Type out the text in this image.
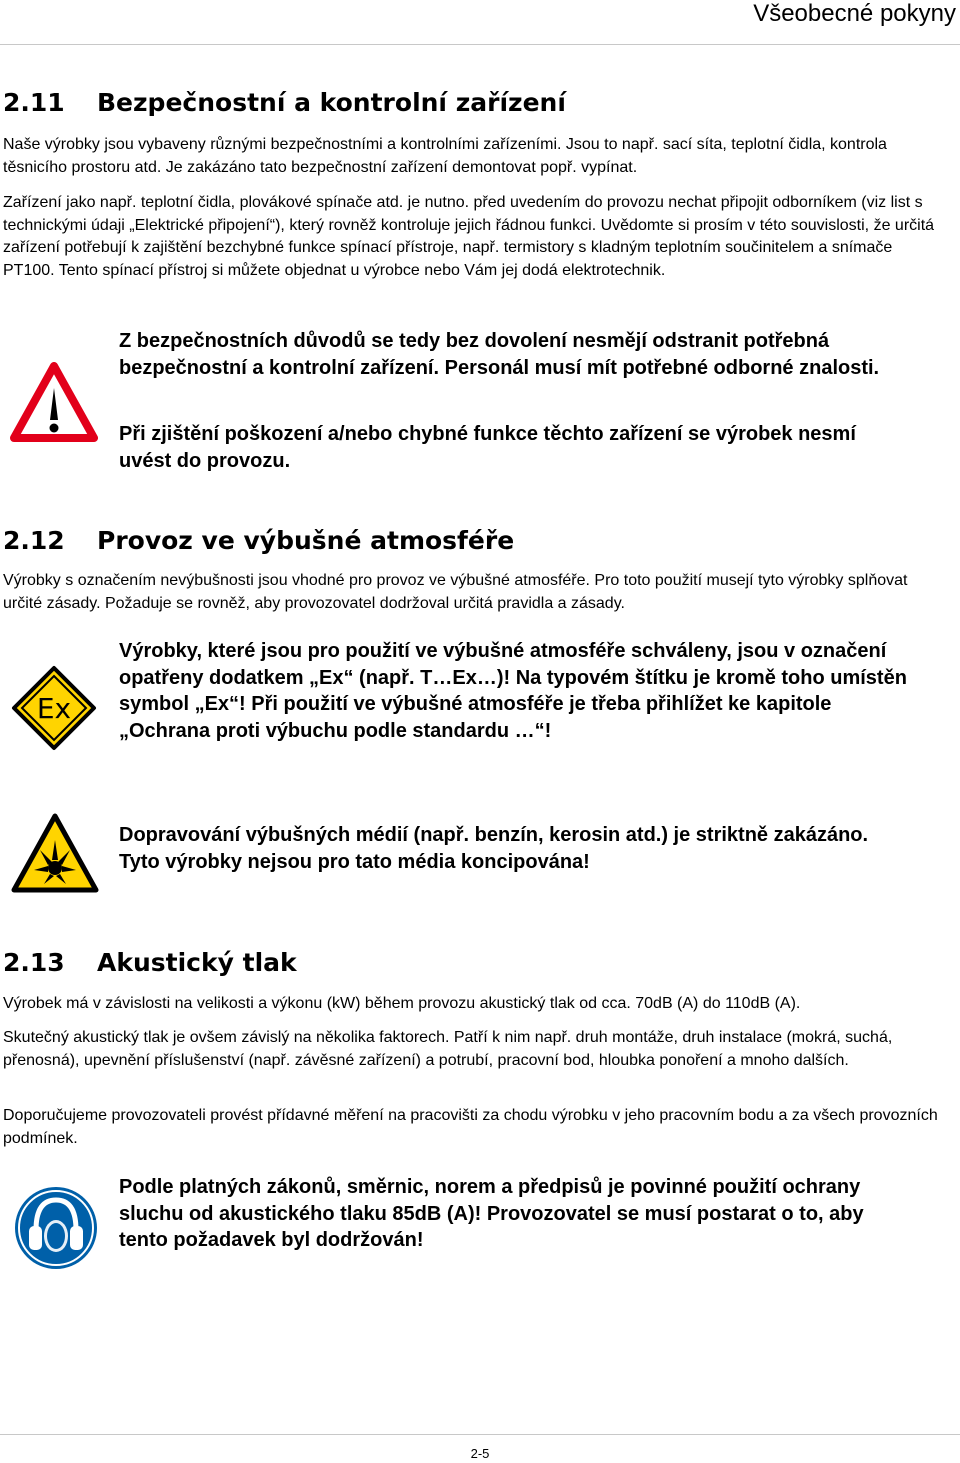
Všeobecné pokyny
2.11 Bezpečnostní a kontrolní zařízení
Naše výrobky jsou vybaveny různými bezpečnostními a kontrolními zařízeními. Jsou to např. sací síta, teplotní čidla, kontrola těsnicího prostoru atd. Je zakázáno tato bezpečnostní zařízení demontovat popř. vypínat.
Zařízení jako např. teplotní čidla, plovákové spínače atd. je nutno. před uvedením do provozu nechat připojit odborníkem (viz list s technickými údaji „Elektrické připojení“), který rovněž kontroluje jejich řádnou funkci. Uvědomte si prosím v této souvislosti, že určitá zařízení potřebují k zajištění bezchybné funkce spínací přístroje, např. termistory s kladným teplotním součinitelem a snímače PT100. Tento spínací přístroj si můžete objednat u výrobce nebo Vám jej dodá elektrotechnik.
Z bezpečnostních důvodů se tedy bez dovolení nesmějí odstranit potřebná bezpečnostní a kontrolní zařízení. Personál musí mít potřebné odborné znalosti.
Při zjištění poškození a/nebo chybné funkce těchto zařízení se výrobek nesmí uvést do provozu.
2.12 Provoz ve výbušné atmosféře
Výrobky s označením nevýbušnosti jsou vhodné pro provoz ve výbušné atmosféře. Pro toto použití musejí tyto výrobky splňovat určité zásady. Požaduje se rovněž, aby provozovatel dodržoval určitá pravidla a zásady.
Ex
Výrobky, které jsou pro použití ve výbušné atmosféře schváleny, jsou v označení opatřeny dodatkem „Ex“ (např. T…Ex…)! Na typovém štítku je kromě toho umístěn symbol „Ex“! Při použití ve výbušné atmosféře je třeba přihlížet ke kapitole „Ochrana proti výbuchu podle standardu …“!
Dopravování výbušných médií (např. benzín, kerosin atd.) je striktně zakázáno. Tyto výrobky nejsou pro tato média koncipována!
2.13 Akustický tlak
Výrobek má v závislosti na velikosti a výkonu (kW) během provozu akustický tlak od cca. 70dB (A) do 110dB (A).
Skutečný akustický tlak je ovšem závislý na několika faktorech. Patří k nim např. druh montáže, druh instalace (mokrá, suchá, přenosná), upevnění příslušenství (např. závěsné zařízení) a potrubí, pracovní bod, hloubka ponoření a mnoho dalších.
Doporučujeme provozovateli provést přídavné měření na pracovišti za chodu výrobku v jeho pracovním bodu a za všech provozních podmínek.
Podle platných zákonů, směrnic, norem a předpisů je povinné použití ochrany sluchu od akustického tlaku 85dB (A)! Provozovatel se musí postarat o to, aby tento požadavek byl dodržován!
2-5
